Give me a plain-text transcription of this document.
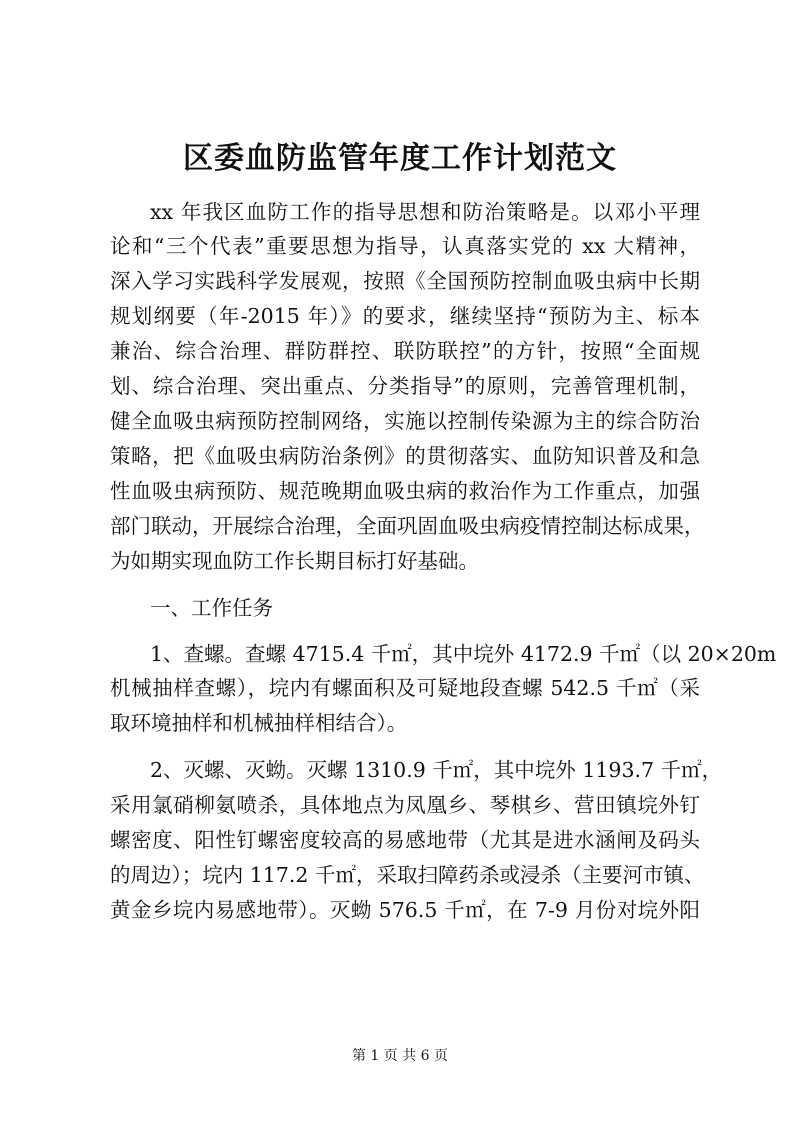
区委血防监管年度工作计划范文
xx 年我区血防工作的指导思想和防治策略是。以邓小平理
论和“三个代表”重要思想为指导，认真落实党的 xx 大精神，
深入学习实践科学发展观，按照《全国预防控制血吸虫病中长期
规划纲要（年-2015 年）》的要求，继续坚持“预防为主、标本
兼治、综合治理、群防群控、联防联控”的方针，按照“全面规
划、综合治理、突出重点、分类指导”的原则，完善管理机制，
健全血吸虫病预防控制网络，实施以控制传染源为主的综合防治
策略，把《血吸虫病防治条例》的贯彻落实、血防知识普及和急
性血吸虫病预防、规范晚期血吸虫病的救治作为工作重点，加强
部门联动，开展综合治理，全面巩固血吸虫病疫情控制达标成果，
为如期实现血防工作长期目标打好基础。
一、工作任务
1、查螺。查螺 4715.4 千㎡，其中垸外 4172.9 千㎡（以 20×20m
机械抽样查螺），垸内有螺面积及可疑地段查螺 542.5 千㎡（采
取环境抽样和机械抽样相结合）。
2、灭螺、灭蚴。灭螺 1310.9 千㎡，其中垸外 1193.7 千㎡，
采用氯硝柳氨喷杀，具体地点为凤凰乡、琴棋乡、营田镇垸外钉
螺密度、阳性钉螺密度较高的易感地带（尤其是进水涵闸及码头
的周边）；垸内 117.2 千㎡，采取扫障药杀或浸杀（主要河市镇、
黄金乡垸内易感地带）。灭蚴 576.5 千㎡，在 7-9 月份对垸外阳
第 1 页 共 6 页
